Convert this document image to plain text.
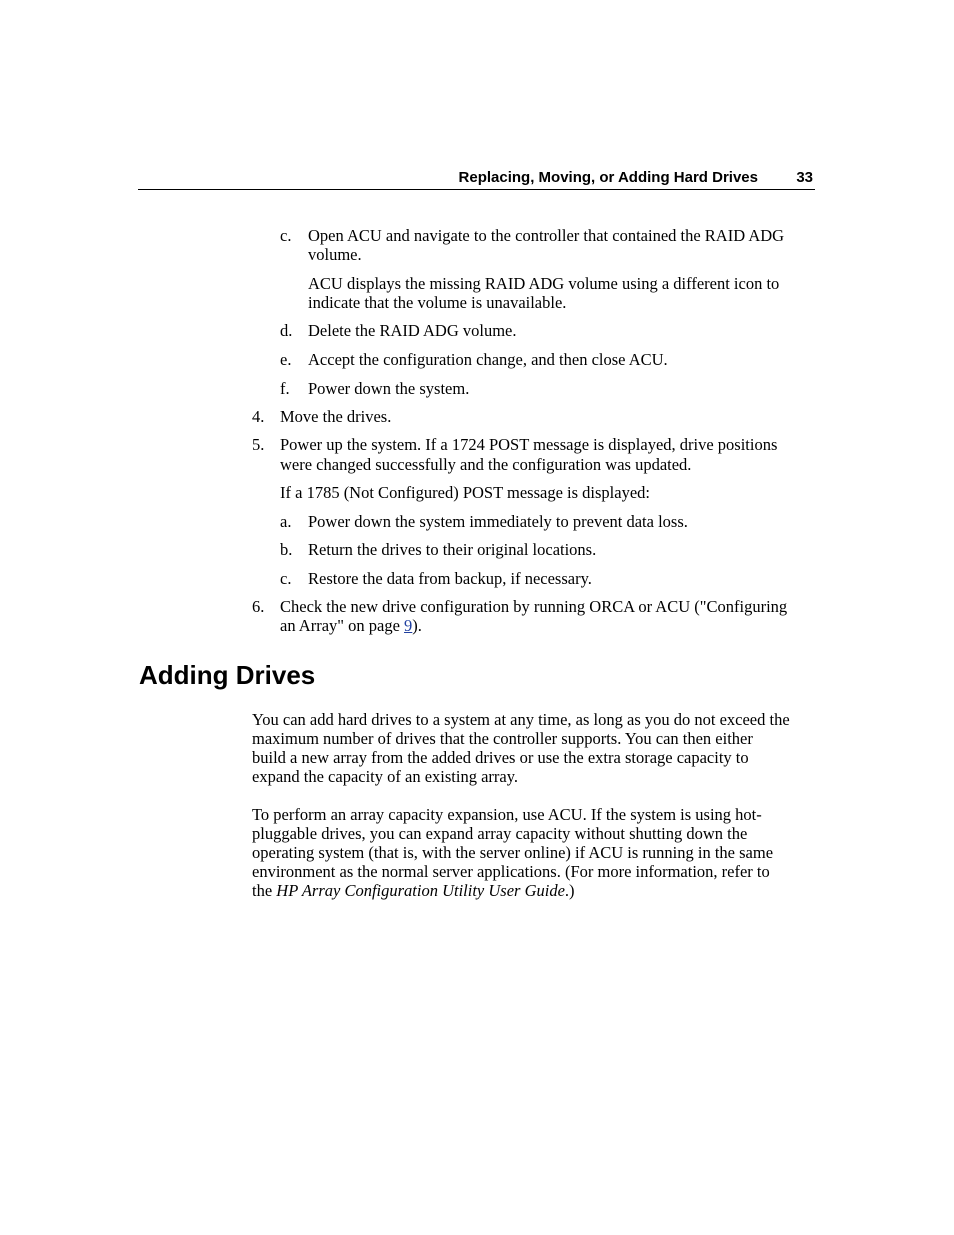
Replacing, Moving, or Adding Hard Drives	33
c. Open ACU and navigate to the controller that contained the RAID ADG
volume.
ACU displays the missing RAID ADG volume using a different icon to
indicate that the volume is unavailable.
d. Delete the RAID ADG volume.
e. Accept the configuration change, and then close ACU.
f. Power down the system.
4. Move the drives.
5. Power up the system. If a 1724 POST message is displayed, drive positions
were changed successfully and the configuration was updated.
If a 1785 (Not Configured) POST message is displayed:
a. Power down the system immediately to prevent data loss.
b. Return the drives to their original locations.
c. Restore the data from backup, if necessary.
6. Check the new drive configuration by running ORCA or ACU ("Configuring
an Array" on page 9).
Adding Drives
You can add hard drives to a system at any time, as long as you do not exceed the
maximum number of drives that the controller supports. You can then either
build a new array from the added drives or use the extra storage capacity to
expand the capacity of an existing array.
To perform an array capacity expansion, use ACU. If the system is using hot-
pluggable drives, you can expand array capacity without shutting down the
operating system (that is, with the server online) if ACU is running in the same
environment as the normal server applications. (For more information, refer to
the HP Array Configuration Utility User Guide.)
